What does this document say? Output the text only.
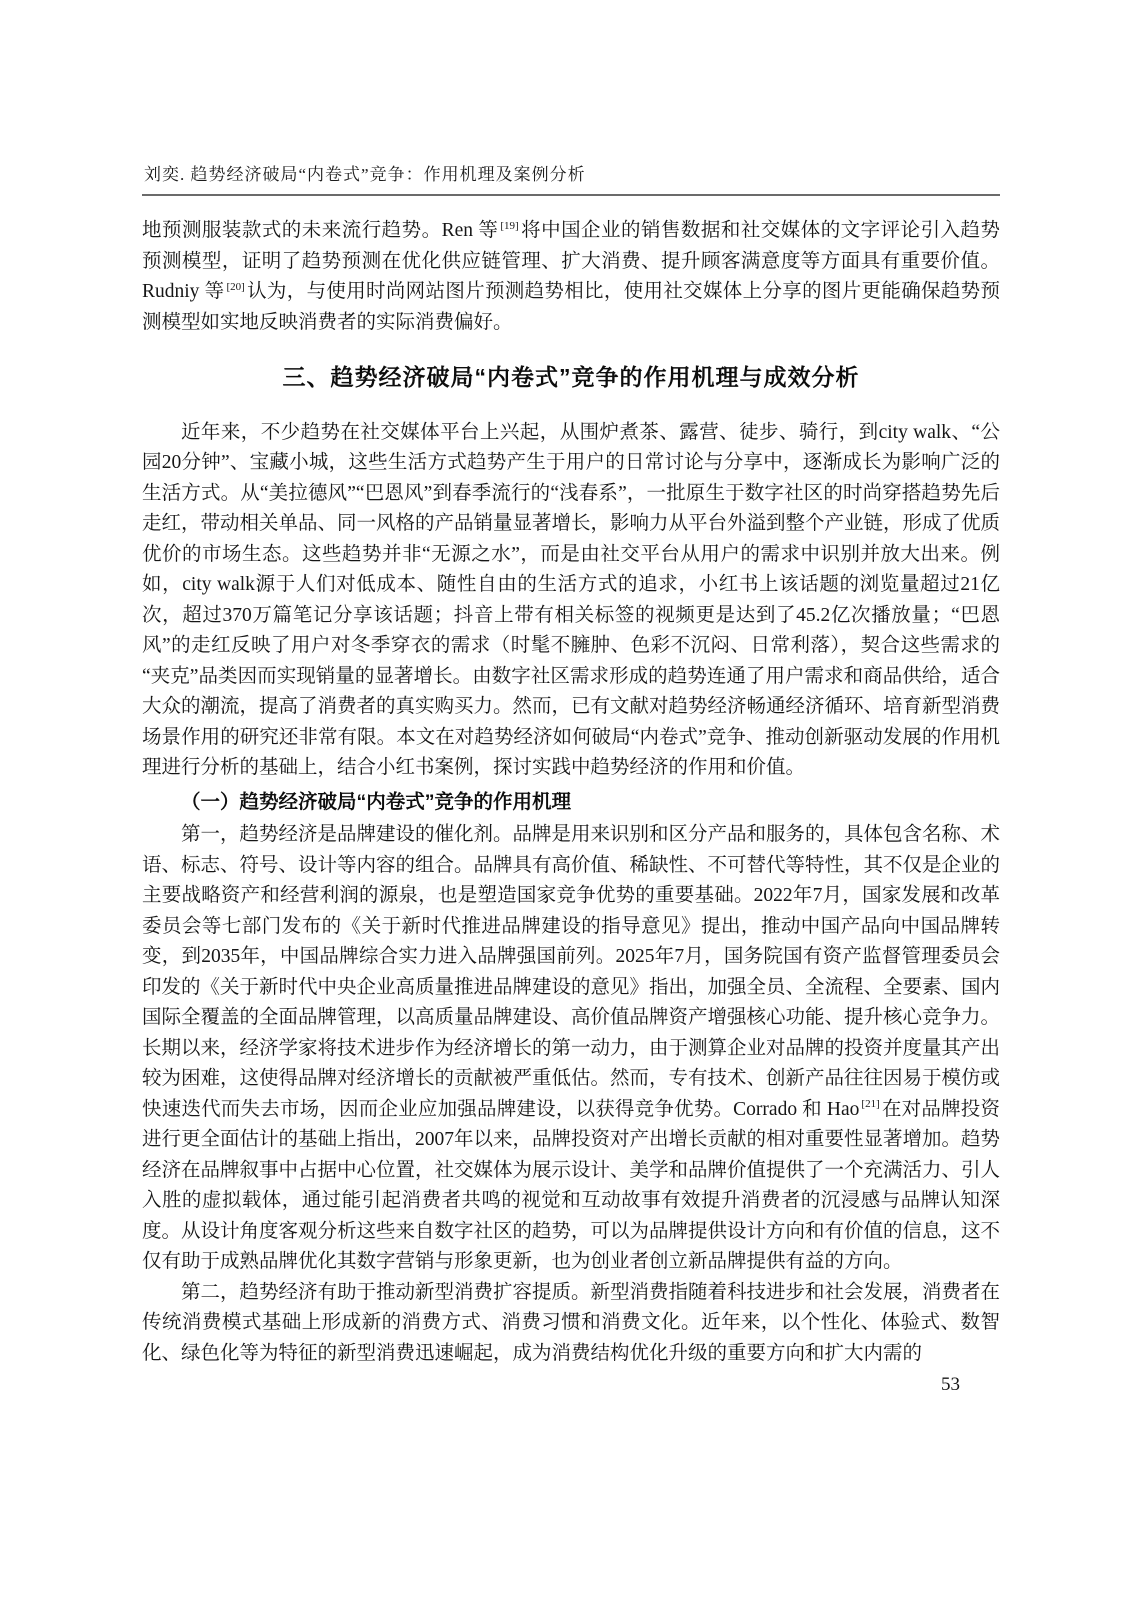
刘奕. 趋势经济破局“内卷式”竞争：作用机理及案例分析

地预测服装款式的未来流行趋势。Ren 等 [19] 将中国企业的销售数据和社交媒体的文字评论引入趋势预测模型，证明了趋势预测在优化供应链管理、扩大消费、提升顾客满意度等方面具有重要价值。Rudniy 等 [20] 认为，与使用时尚网站图片预测趋势相比，使用社交媒体上分享的图片更能确保趋势预测模型如实地反映消费者的实际消费偏好。

三、趋势经济破局“内卷式”竞争的作用机理与成效分析

近年来，不少趋势在社交媒体平台上兴起，从围炉煮茶、露营、徒步、骑行，到city walk、“公园20分钟”、宝藏小城，这些生活方式趋势产生于用户的日常讨论与分享中，逐渐成长为影响广泛的生活方式。从“美拉德风”“巴恩风”到春季流行的“浅春系”，一批原生于数字社区的时尚穿搭趋势先后走红，带动相关单品、同一风格的产品销量显著增长，影响力从平台外溢到整个产业链，形成了优质优价的市场生态。这些趋势并非“无源之水”，而是由社交平台从用户的需求中识别并放大出来。例如，city walk源于人们对低成本、随性自由的生活方式的追求，小红书上该话题的浏览量超过21亿次，超过370万篇笔记分享该话题；抖音上带有相关标签的视频更是达到了45.2亿次播放量；“巴恩风”的走红反映了用户对冬季穿衣的需求（时髦不臃肿、色彩不沉闷、日常利落），契合这些需求的“夹克”品类因而实现销量的显著增长。由数字社区需求形成的趋势连通了用户需求和商品供给，适合大众的潮流，提高了消费者的真实购买力。然而，已有文献对趋势经济畅通经济循环、培育新型消费场景作用的研究还非常有限。本文在对趋势经济如何破局“内卷式”竞争、推动创新驱动发展的作用机理进行分析的基础上，结合小红书案例，探讨实践中趋势经济的作用和价值。

（一）趋势经济破局“内卷式”竞争的作用机理

第一，趋势经济是品牌建设的催化剂。品牌是用来识别和区分产品和服务的，具体包含名称、术语、标志、符号、设计等内容的组合。品牌具有高价值、稀缺性、不可替代等特性，其不仅是企业的主要战略资产和经营利润的源泉，也是塑造国家竞争优势的重要基础。2022年7月，国家发展和改革委员会等七部门发布的《关于新时代推进品牌建设的指导意见》提出，推动中国产品向中国品牌转变，到2035年，中国品牌综合实力进入品牌强国前列。2025年7月，国务院国有资产监督管理委员会印发的《关于新时代中央企业高质量推进品牌建设的意见》指出，加强全员、全流程、全要素、国内国际全覆盖的全面品牌管理，以高质量品牌建设、高价值品牌资产增强核心功能、提升核心竞争力。长期以来，经济学家将技术进步作为经济增长的第一动力，由于测算企业对品牌的投资并度量其产出较为困难，这使得品牌对经济增长的贡献被严重低估。然而，专有技术、创新产品往往因易于模仿或快速迭代而失去市场，因而企业应加强品牌建设，以获得竞争优势。Corrado 和 Hao [21] 在对品牌投资进行更全面估计的基础上指出，2007年以来，品牌投资对产出增长贡献的相对重要性显著增加。趋势经济在品牌叙事中占据中心位置，社交媒体为展示设计、美学和品牌价值提供了一个充满活力、引人入胜的虚拟载体，通过能引起消费者共鸣的视觉和互动故事有效提升消费者的沉浸感与品牌认知深度。从设计角度客观分析这些来自数字社区的趋势，可以为品牌提供设计方向和有价值的信息，这不仅有助于成熟品牌优化其数字营销与形象更新，也为创业者创立新品牌提供有益的方向。

第二，趋势经济有助于推动新型消费扩容提质。新型消费指随着科技进步和社会发展，消费者在传统消费模式基础上形成新的消费方式、消费习惯和消费文化。近年来，以个性化、体验式、数智化、绿色化等为特征的新型消费迅速崛起，成为消费结构优化升级的重要方向和扩大内需的

53
